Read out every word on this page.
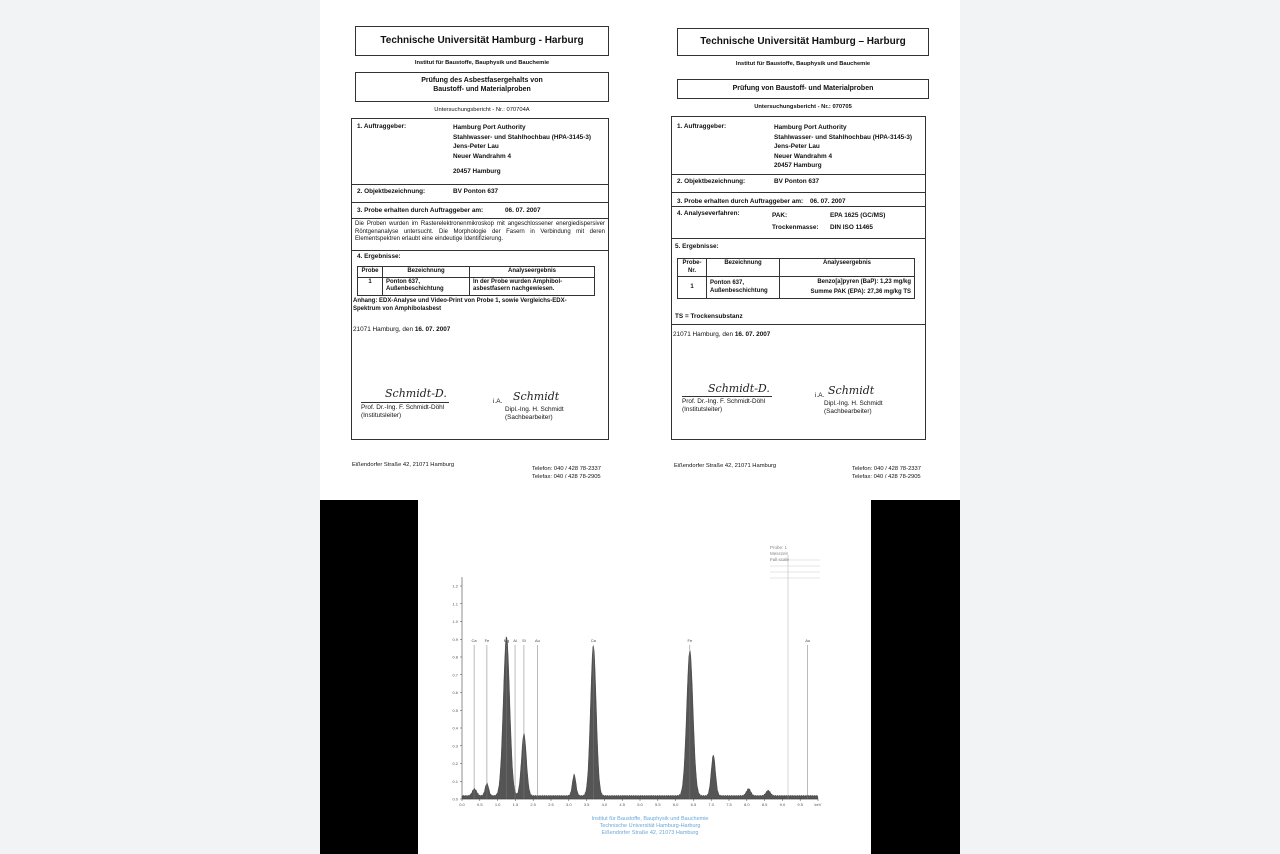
Technische Universität Hamburg - Harburg
Institut für Baustoffe, Bauphysik und Bauchemie
Prüfung des Asbestfasergehalts von
Baustoff- und Materialproben
Untersuchungsbericht - Nr.: 070704A
1. Auftraggeber:	Hamburg Port Authority
Stahlwasser- und Stahlhochbau (HPA-3145-3)
Jens-Peter Lau
Neuer Wandrahm 4
20457 Hamburg
2. Objektbezeichnung:	BV Ponton 637
3. Probe erhalten durch Auftraggeber am:	06. 07. 2007
Die Proben wurden im Rasterelektronenmikroskop mit angeschlossener energiedispersiver Röntgenanalyse untersucht. Die Morphologie der Fasern in Verbindung mit deren Elementspektren erlaubt eine eindeutige Identifizierung.
4. Ergebnisse:
Probe	Bezeichnung	Analyseergebnis
1	Ponton 637, Außenbeschichtung	In der Probe wurden Amphibol-asbestfasern nachgewiesen.
Anhang: EDX-Analyse und Video-Print von Probe 1, sowie Vergleichs-EDX-Spektrum von Amphibolasbest
21071 Hamburg, den 16. 07. 2007
Schmidt-D.
Prof. Dr.-Ing. F. Schmidt-Döhl
(Institutsleiter)
i.A. Schmidt
Dipl.-Ing. H. Schmidt
(Sachbearbeiter)
Eißendorfer Straße 42, 21071 Hamburg
Telefon: 040 / 428 78-2337
Telefax: 040 / 428 78-2905
Technische Universität Hamburg – Harburg
Institut für Baustoffe, Bauphysik und Bauchemie
Prüfung von Baustoff- und Materialproben
Untersuchungsbericht - Nr.: 070705
1. Auftraggeber:	Hamburg Port Authority
Stahlwasser- und Stahlhochbau (HPA-3145-3)
Jens-Peter Lau
Neuer Wandrahm 4
20457 Hamburg
2. Objektbezeichnung:	BV Ponton 637
3. Probe erhalten durch Auftraggeber am: 06. 07. 2007
4. Analyseverfahren:	PAK:	EPA 1625 (GC/MS)
Trockenmasse: DIN ISO 11465
5. Ergebnisse:
Probe-Nr.	Bezeichnung	Analyseergebnis
1	Ponton 637, Außenbeschichtung	Benzo[a]pyren (BaP): 1,23 mg/kg
Summe PAK (EPA): 27,36 mg/kg TS
TS = Trockensubstanz
21071 Hamburg, den 16. 07. 2007
Schmidt-D.
Prof. Dr.-Ing. F. Schmidt-Döhl
(Institutsleiter)
i.A. Schmidt
Dipl.-Ing. H. Schmidt
(Sachbearbeiter)
Eißendorfer Straße 42, 21071 Hamburg	Telefon: 040 / 428 78-2337
Telefax: 040 / 428 78-2905
0.0
0.1
0.2
0.3
0.4
0.5
0.6
0.7
0.8
0.9
1.0
1.1
1.2
0.0	0.5	1.0	1.5	2.0	2.5	3.0	3.5	4.0	4.5	5.0	5.5	6.0	6.5	7.0	7.5	8.0	8.5	9.0	9.5	keV
Ca Fe	Mg Al Si Au	Ca	Fe	Au
Probe: 1
Messzeit
Full scale
Institut für Baustoffe, Bauphysik und Bauchemie
Technische Universität Hamburg-Harburg
Eißendorfer Straße 42, 21073 Hamburg
